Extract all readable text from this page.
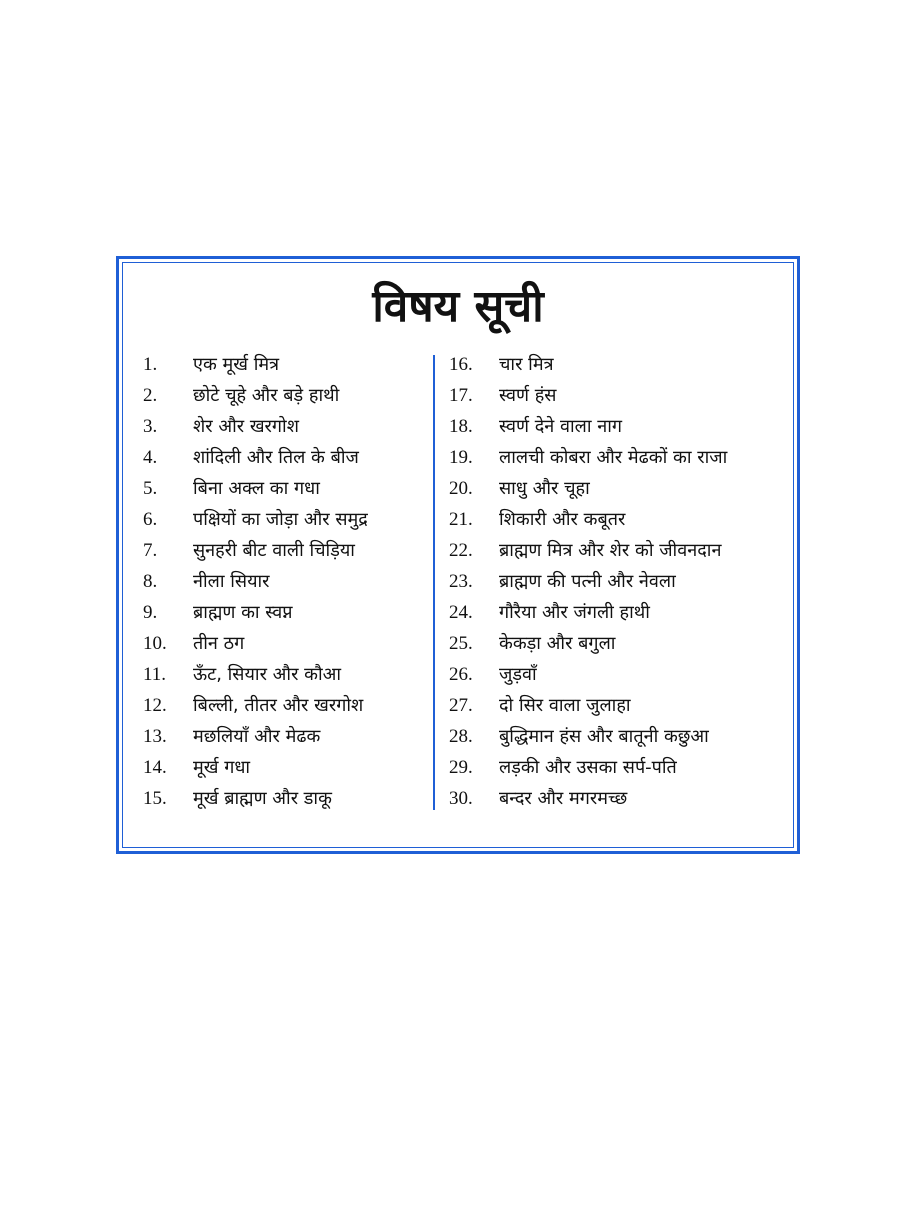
विषय सूची
1. एक मूर्ख मित्र
2. छोटे चूहे और बड़े हाथी
3. शेर और खरगोश
4. शांदिली और तिल के बीज
5. बिना अक्ल का गधा
6. पक्षियों का जोड़ा और समुद्र
7. सुनहरी बीट वाली चिड़िया
8. नीला सियार
9. ब्राह्मण का स्वप्न
10. तीन ठग
11. ऊँट, सियार और कौआ
12. बिल्ली, तीतर और खरगोश
13. मछलियाँ और मेढक
14. मूर्ख गधा
15. मूर्ख ब्राह्मण और डाकू
16. चार मित्र
17. स्वर्ण हंस
18. स्वर्ण देने वाला नाग
19. लालची कोबरा और मेढकों का राजा
20. साधु और चूहा
21. शिकारी और कबूतर
22. ब्राह्मण मित्र और शेर को जीवनदान
23. ब्राह्मण की पत्नी और नेवला
24. गौरैया और जंगली हाथी
25. केकड़ा और बगुला
26. जुड़वाँ
27. दो सिर वाला जुलाहा
28. बुद्धिमान हंस और बातूनी कछुआ
29. लड़की और उसका सर्प-पति
30. बन्दर और मगरमच्छ
